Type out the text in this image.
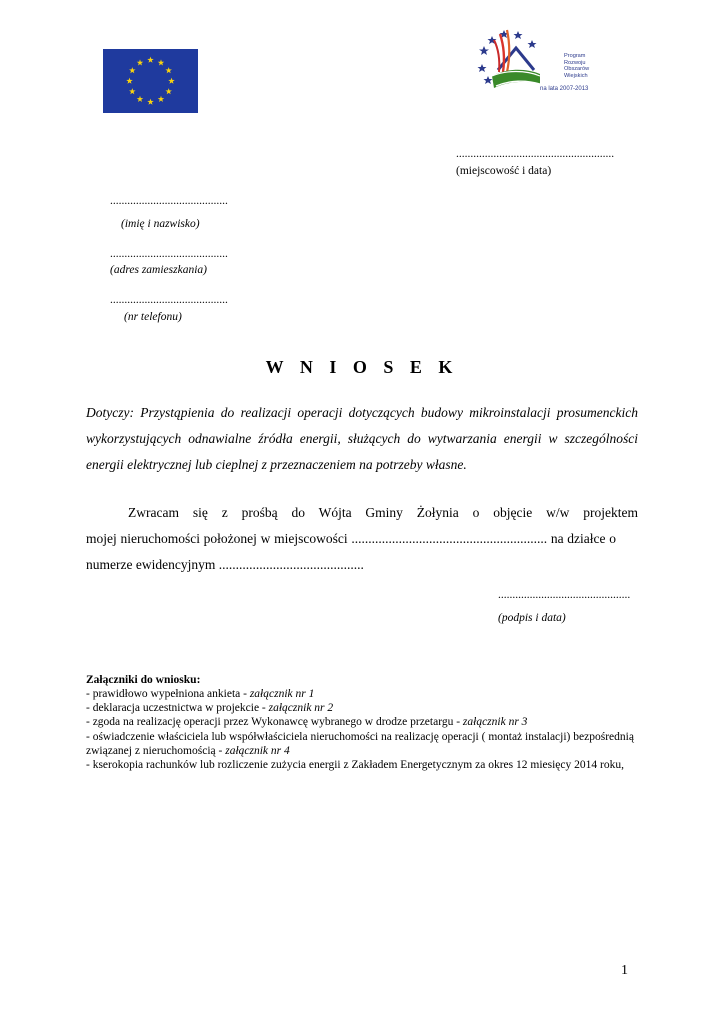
Program
Rozwoju
Obszarów
Wiejskich
na lata 2007-2013
.......................................................
(miejscowość i data)
.........................................
(imię i nazwisko)
.........................................
(adres zamieszkania)
.........................................
(nr telefonu)
W N I O S E K
Dotyczy: Przystąpienia do realizacji operacji dotyczących budowy mikroinstalacji prosumenckich wykorzystujących odnawialne źródła energii, służących do wytwarzania energii w szczególności energii elektrycznej lub cieplnej z przeznaczeniem na potrzeby własne.

Zwracam się z prośbą do Wójta Gminy Żołynia o objęcie w/w projektem

mojej nieruchomości położonej w miejscowości .......................................................... na działce o

numerze ewidencyjnym ...........................................

..............................................
(podpis i data)
Załączniki do wniosku:
- prawidłowo wypełniona ankieta - załącznik nr 1
- deklaracja uczestnictwa w projekcie - załącznik nr 2
- zgoda na realizację operacji przez Wykonawcę wybranego w drodze przetargu - załącznik nr 3
- oświadczenie właściciela lub współwłaściciela nieruchomości na realizację operacji ( montaż instalacji) bezpośrednią związanej z nieruchomością - załącznik nr 4
- kserokopia rachunków lub rozliczenie zużycia energii z Zakładem Energetycznym za okres 12 miesięcy 2014 roku,
1
